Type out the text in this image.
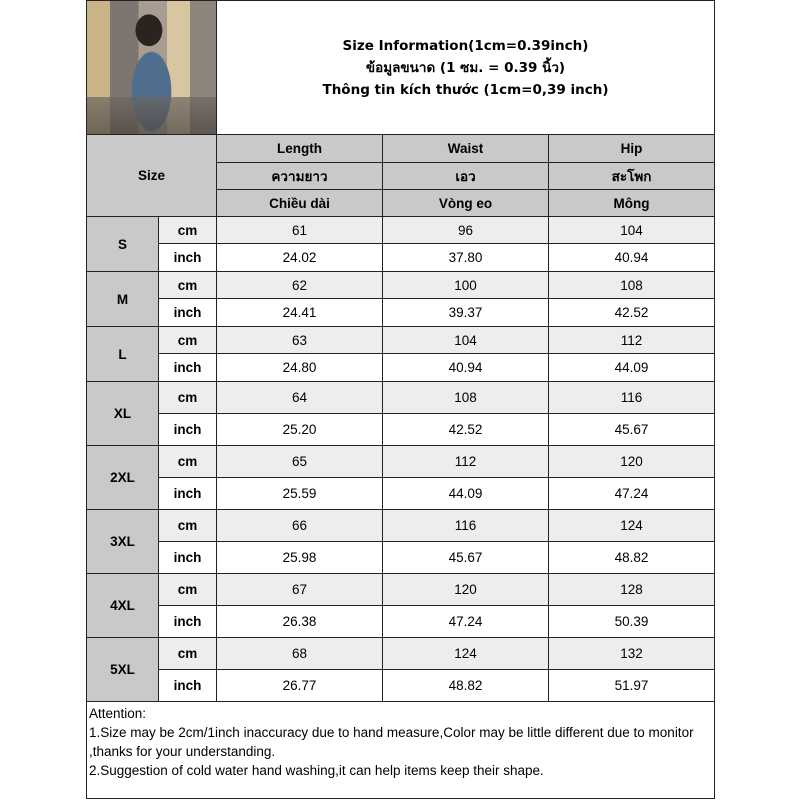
		Size Information(1cm=0.39inch)
ข้อมูลขนาด (1 ซม. = 0.39 นิ้ว)
Thông tin kích thước (1cm=0,39 inch)		

Size		Length	Waist	Hip
		ความยาว	เอว	สะโพก
		Chiều dài	Vòng eo	Mông
S	cm	61	96	104
	inch	24.02	37.80	40.94
M	cm	62	100	108
	inch	24.41	39.37	42.52
L	cm	63	104	112
	inch	24.80	40.94	44.09
XL	cm	64	108	116
	inch	25.20	42.52	45.67
2XL	cm	65	112	120
	inch	25.59	44.09	47.24
3XL	cm	66	116	124
	inch	25.98	45.67	48.82
4XL	cm	67	120	128
	inch	26.38	47.24	50.39
5XL	cm	68	124	132
	inch	26.77	48.82	51.97

Attention:
1.Size may be 2cm/1inch inaccuracy due to hand measure,Color may be little different due to monitor ,thanks for your understanding.
2.Suggestion of cold water hand washing,it can help items keep their shape.				
